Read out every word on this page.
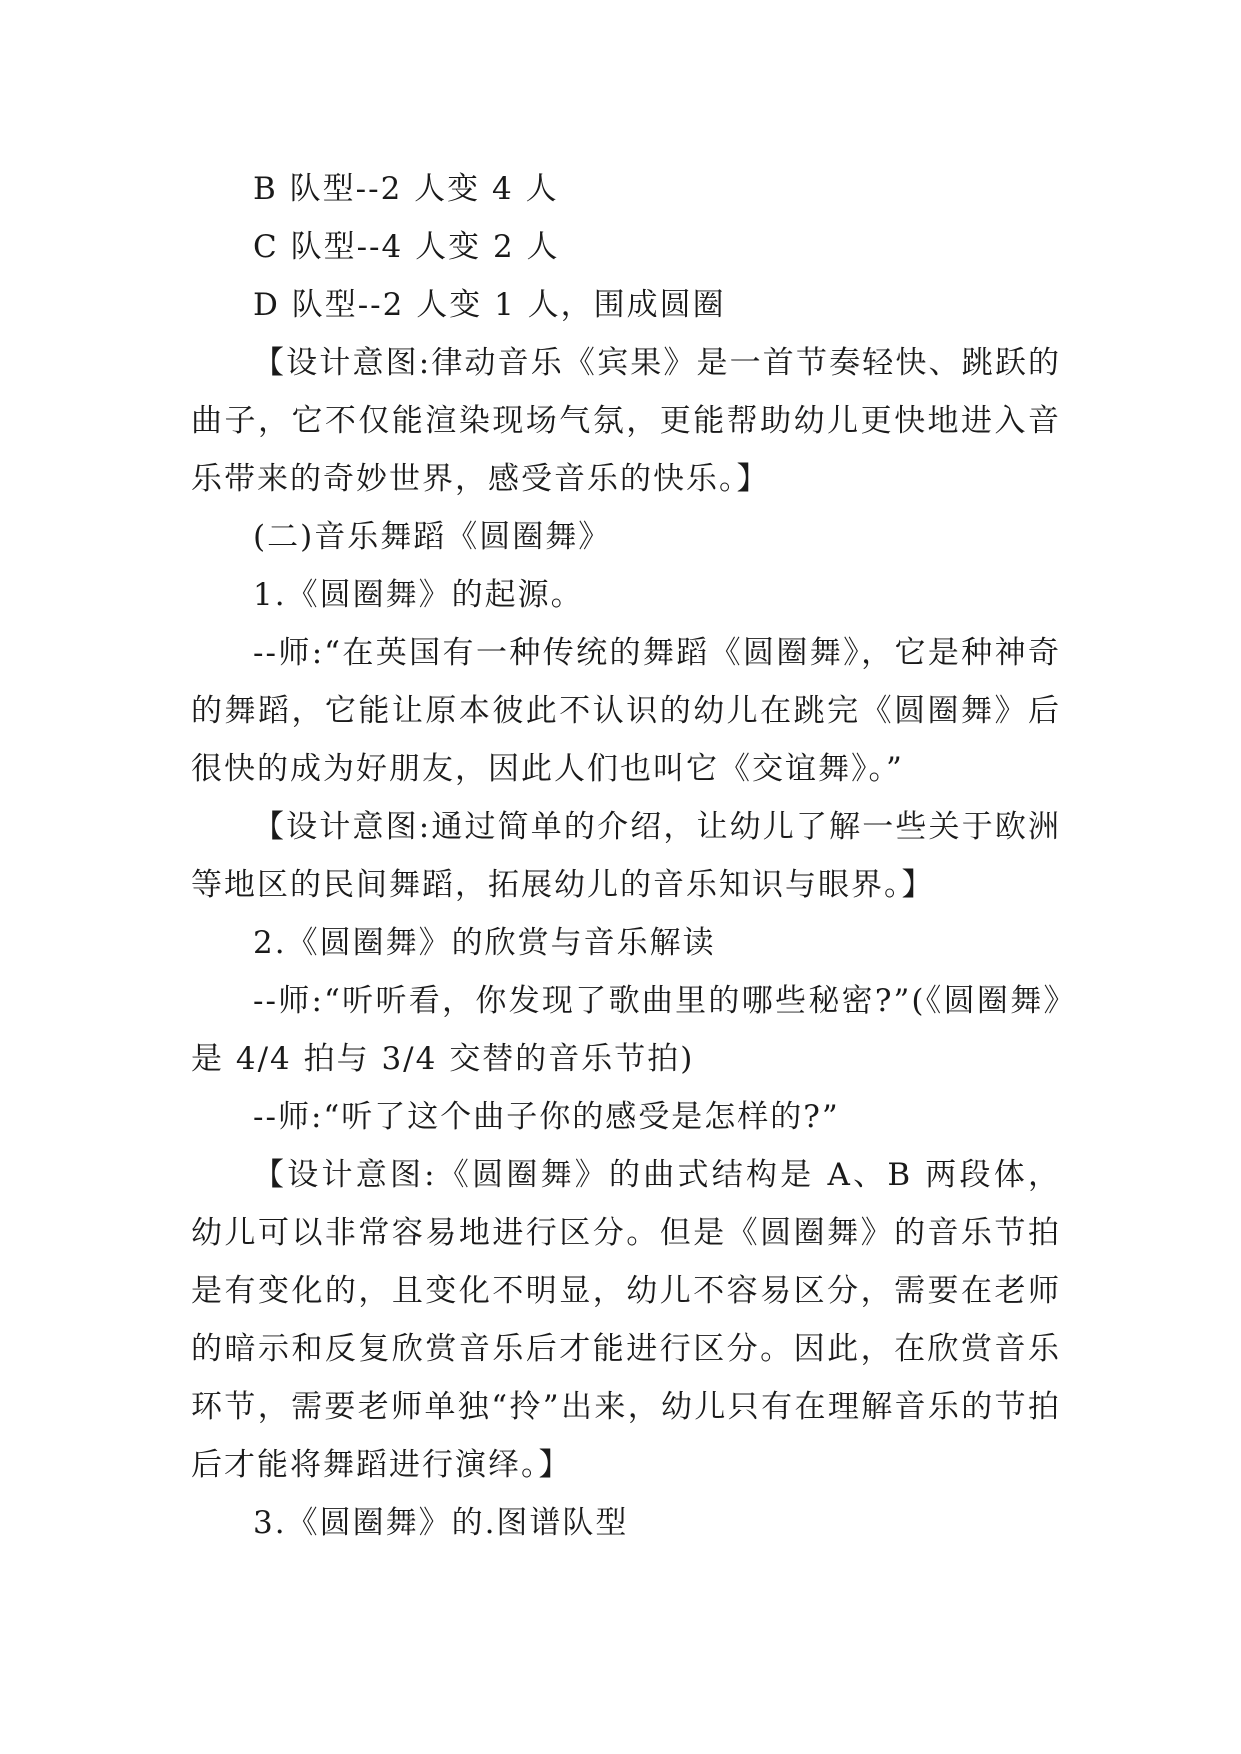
B 队型--2 人变 4 人

C 队型--4 人变 2 人

D 队型--2 人变 1 人，围成圆圈

【设计意图:律动音乐《宾果》是一首节奏轻快、跳跃的曲子，它不仅能渲染现场气氛，更能帮助幼儿更快地进入音乐带来的奇妙世界，感受音乐的快乐。】

(二)音乐舞蹈《圆圈舞》

1.《圆圈舞》的起源。

--师:“在英国有一种传统的舞蹈《圆圈舞》，它是种神奇的舞蹈，它能让原本彼此不认识的幼儿在跳完《圆圈舞》后很快的成为好朋友，因此人们也叫它《交谊舞》。”

【设计意图:通过简单的介绍，让幼儿了解一些关于欧洲等地区的民间舞蹈，拓展幼儿的音乐知识与眼界。】

2.《圆圈舞》的欣赏与音乐解读

--师:“听听看，你发现了歌曲里的哪些秘密?”(《圆圈舞》是 4/4 拍与 3/4 交替的音乐节拍)

--师:“听了这个曲子你的感受是怎样的?”

【设计意图:《圆圈舞》的曲式结构是 A、B 两段体，幼儿可以非常容易地进行区分。但是《圆圈舞》的音乐节拍是有变化的，且变化不明显，幼儿不容易区分，需要在老师的暗示和反复欣赏音乐后才能进行区分。因此，在欣赏音乐环节，需要老师单独“拎”出来，幼儿只有在理解音乐的节拍后才能将舞蹈进行演绎。】

3.《圆圈舞》的.图谱队型
